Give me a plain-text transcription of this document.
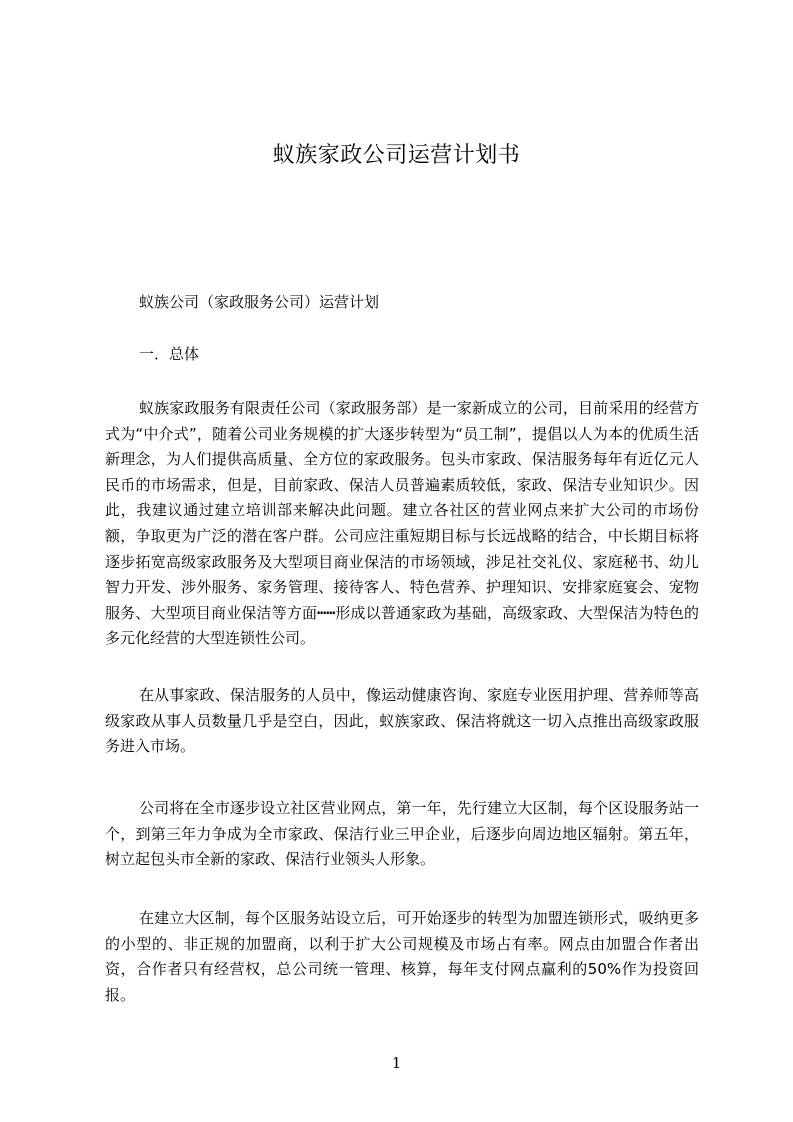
蚁族家政公司运营计划书
蚁族公司（家政服务公司）运营计划
一．总体

蚁族家政服务有限责任公司（家政服务部）是一家新成立的公司，目前采用的经营方式为“中介式”，随着公司业务规模的扩大逐步转型为“员工制”，提倡以人为本的优质生活新理念，为人们提供高质量、全方位的家政服务。包头市家政、保洁服务每年有近亿元人民币的市场需求，但是，目前家政、保洁人员普遍素质较低，家政、保洁专业知识少。因此，我建议通过建立培训部来解决此问题。建立各社区的营业网点来扩大公司的市场份额，争取更为广泛的潜在客户群。公司应注重短期目标与长远战略的结合，中长期目标将逐步拓宽高级家政服务及大型项目商业保洁的市场领域，涉足社交礼仪、家庭秘书、幼儿智力开发、涉外服务、家务管理、接待客人、特色营养、护理知识、安排家庭宴会、宠物服务、大型项目商业保洁等方面┅┅形成以普通家政为基础，高级家政、大型保洁为特色的多元化经营的大型连锁性公司。

在从事家政、保洁服务的人员中，像运动健康咨询、家庭专业医用护理、营养师等高级家政从事人员数量几乎是空白，因此，蚁族家政、保洁将就这一切入点推出高级家政服务进入市场。

公司将在全市逐步设立社区营业网点，第一年，先行建立大区制，每个区设服务站一个，到第三年力争成为全市家政、保洁行业三甲企业，后逐步向周边地区辐射。第五年，树立起包头市全新的家政、保洁行业领头人形象。

在建立大区制，每个区服务站设立后，可开始逐步的转型为加盟连锁形式，吸纳更多的小型的、非正规的加盟商，以利于扩大公司规模及市场占有率。网点由加盟合作者出资，合作者只有经营权，总公司统一管理、核算，每年支付网点赢利的50%作为投资回报。

1
